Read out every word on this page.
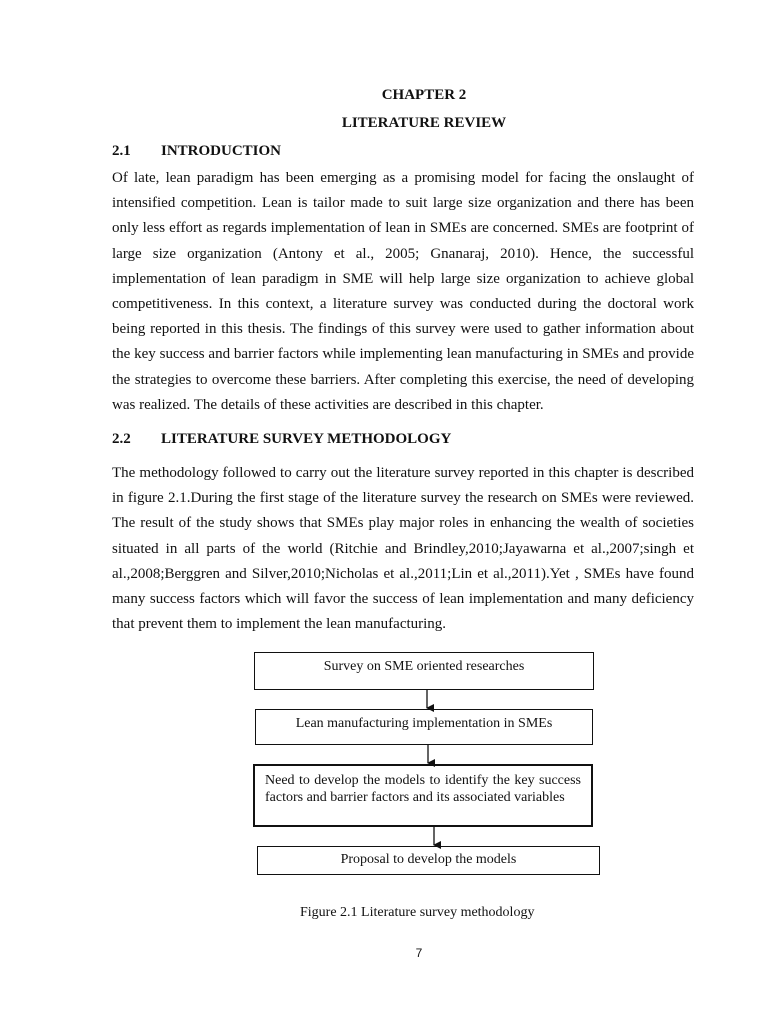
CHAPTER 2
LITERATURE REVIEW
2.1 INTRODUCTION

Of late, lean paradigm has been emerging as a promising model for facing the onslaught of intensified competition. Lean is tailor made to suit large size organization and there has been only less effort as regards implementation of lean in SMEs are concerned. SMEs are footprint of large size organization (Antony et al., 2005; Gnanaraj, 2010). Hence, the successful implementation of lean paradigm in SME will help large size organization to achieve global competitiveness. In this context, a literature survey was conducted during the doctoral work being reported in this thesis. The findings of this survey were used to gather information about the key success and barrier factors while implementing lean manufacturing in SMEs and provide the strategies to overcome these barriers. After completing this exercise, the need of developing was realized. The details of these activities are described in this chapter.

2.2 LITERATURE SURVEY METHODOLOGY

The methodology followed to carry out the literature survey reported in this chapter is described in figure 2.1.During the first stage of the literature survey the research on SMEs were reviewed. The result of the study shows that SMEs play major roles in enhancing the wealth of societies situated in all parts of the world (Ritchie and Brindley,2010;Jayawarna et al.,2007;singh et al.,2008;Berggren and Silver,2010;Nicholas et al.,2011;Lin et al.,2011).Yet , SMEs have found many success factors which will favor the success of lean implementation and many deficiency that prevent them to implement the lean manufacturing.

Survey on SME oriented researches
Lean manufacturing implementation in SMEs
Need to develop the models to identify the key success factors and barrier factors and its associated variables
Proposal to develop the models
Figure 2.1 Literature survey methodology
7
